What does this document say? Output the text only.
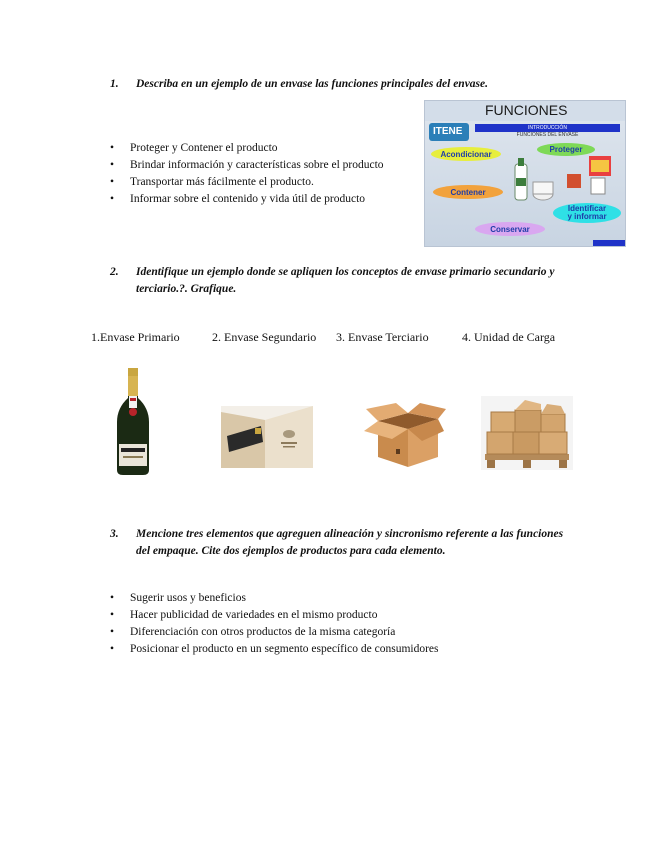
1. Describa en un ejemplo de un envase las funciones principales del envase.
• Proteger y Contener el producto
• Brindar información y características sobre el producto
• Transportar más fácilmente el producto.
• Informar sobre el contenido y vida útil de producto
FUNCIONES
ITENE	INTRODUCCIÓN
FUNCIONES DEL ENVASE
Acondicionar	Proteger
Contener
Identificar
y informar
Conservar
2. Identifique un ejemplo donde se apliquen los conceptos de envase primario secundario y terciario.?. Grafique.
1.Envase Primario	2. Envase Segundario 3. Envase Terciario	4. Unidad de Carga
3. Mencione tres elementos que agreguen alineación y sincronismo referente a las funciones del empaque. Cite dos ejemplos de productos para cada elemento.
• Sugerir usos y beneficios
• Hacer publicidad de variedades en el mismo producto
• Diferenciación con otros productos de la misma categoría
• Posicionar el producto en un segmento específico de consumidores
